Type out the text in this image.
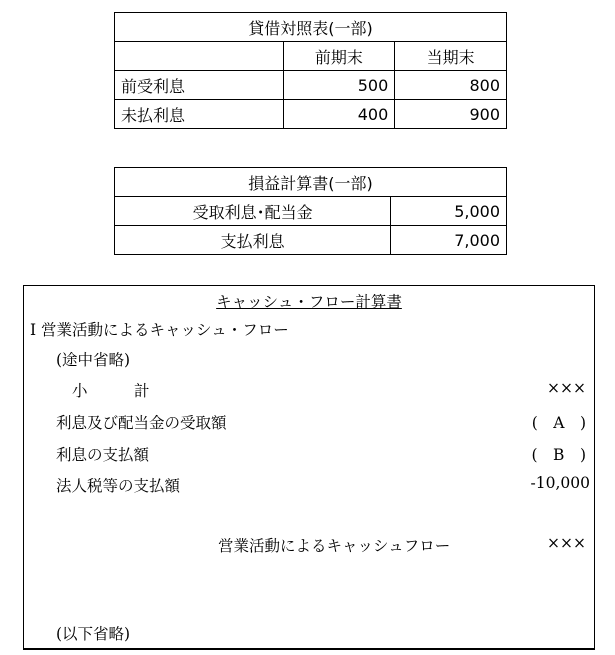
貸借対照表(一部)		
	前期末	当期末
前受利息	500	800
未払利息	400	900
損益計算書(一部)	
受取利息･配当金	5,000
支払利息	7,000
キャッシュ・フロー計算書
Ⅰ 営業活動によるキャッシュ・フロー
(途中省略)
小　　　計	×××
利息及び配当金の受取額	(　A　)
利息の支払額	(　B　)
法人税等の支払額	-10,000
営業活動によるキャッシュフロー	×××
(以下省略)
